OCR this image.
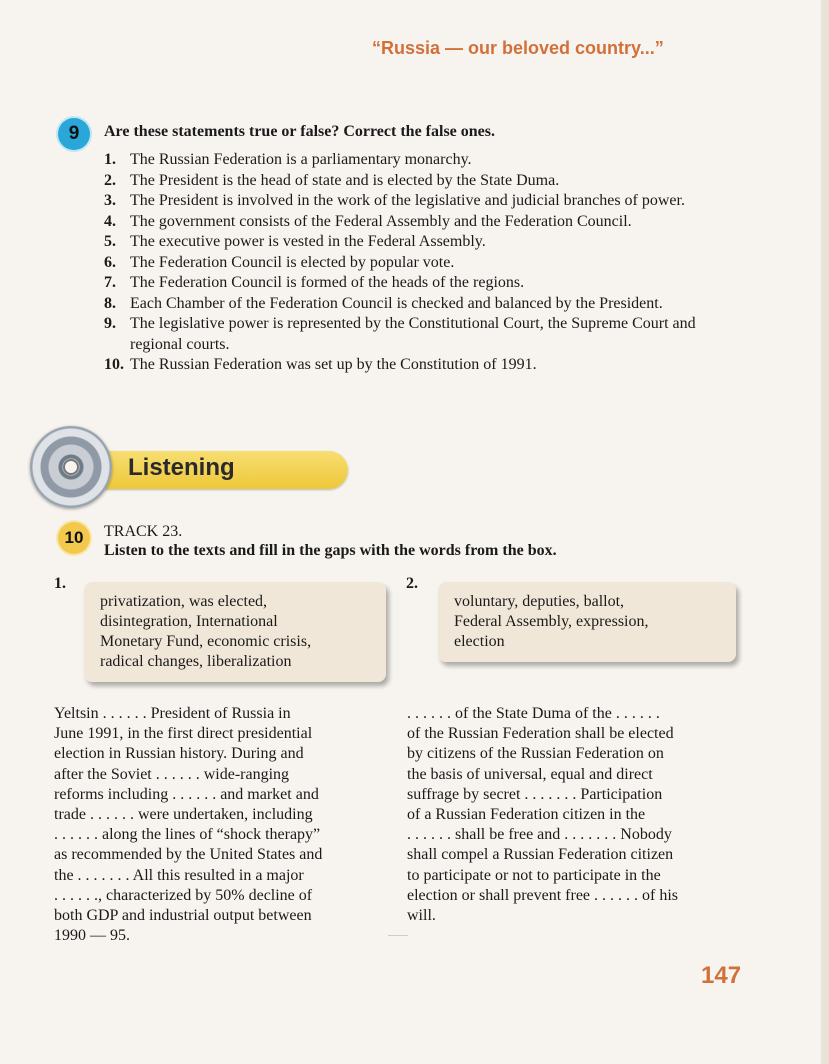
“Russia — our beloved country...”
9	Are these statements true or false? Correct the false ones.
1. The Russian Federation is a parliamentary monarchy.
2. The President is the head of state and is elected by the State Duma.
3. The President is involved in the work of the legislative and judicial branches of power.
4. The government consists of the Federal Assembly and the Federation Council.
5. The executive power is vested in the Federal Assembly.
6. The Federation Council is elected by popular vote.
7. The Federation Council is formed of the heads of the regions.
8. Each Chamber of the Federation Council is checked and balanced by the President.
9. The legislative power is represented by the Constitutional Court, the Supreme Court and regional courts.
10. The Russian Federation was set up by the Constitution of 1991.
Listening
10	TRACK 23.
Listen to the texts and fill in the gaps with the words from the box.
1.
privatization, was elected,
disintegration, International
Monetary Fund, economic crisis,
radical changes, liberalization
2.
voluntary, deputies, ballot,
Federal Assembly, expression,
election
Yeltsin . . . . . . President of Russia in
June 1991, in the first direct presidential
election in Russian history. During and
after the Soviet . . . . . . wide-ranging
reforms including . . . . . . and market and
trade . . . . . . were undertaken, including
. . . . . . along the lines of “shock therapy”
as recommended by the United States and
the . . . . . . . All this resulted in a major
. . . . . ., characterized by 50% decline of
both GDP and industrial output between
1990 — 95.
. . . . . . of the State Duma of the . . . . . .
of the Russian Federation shall be elected
by citizens of the Russian Federation on
the basis of universal, equal and direct
suffrage by secret . . . . . . . Participation
of a Russian Federation citizen in the
. . . . . . shall be free and . . . . . . . Nobody
shall compel a Russian Federation citizen
to participate or not to participate in the
election or shall prevent free . . . . . . of his
will.
147
